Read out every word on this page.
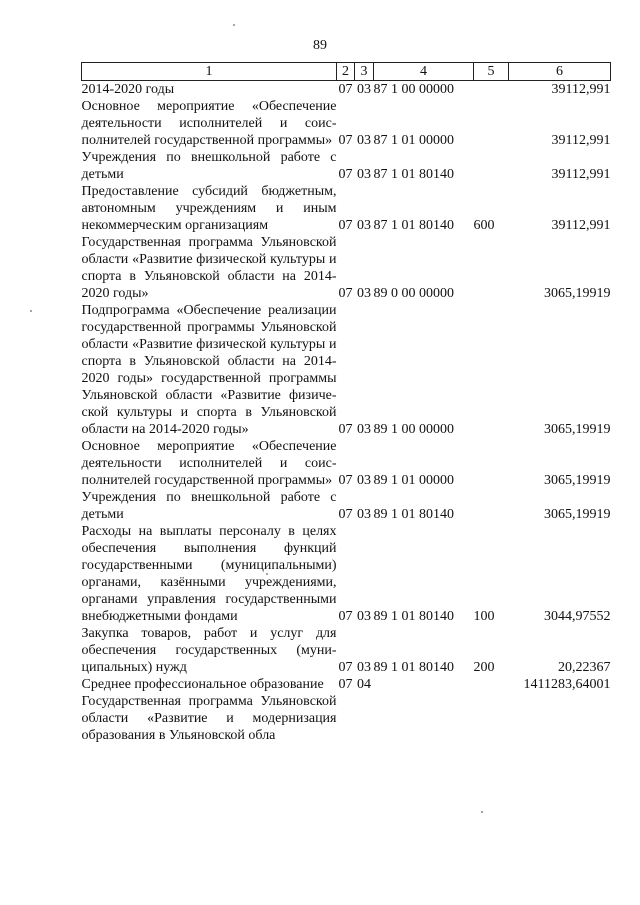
89
1	2	3	4	5	6
2014-2020 годы	07	03	87 1 00 00000		39112,991
Основное мероприятие «Обеспечение деятельности исполнителей и соисполнителей государственной программы»	07	03	87 1 01 00000		39112,991
Учреждения по внешкольной работе с детьми	07	03	87 1 01 80140		39112,991
Предоставление субсидий бюджетным, автономным учреждениям и иным некоммерческим организациям	07	03	87 1 01 80140	600	39112,991
Государственная программа Ульяновской области «Развитие физической культуры и спорта в Ульяновской области на 2014-2020 годы»	07	03	89 0 00 00000		3065,19919
Подпрограмма «Обеспечение реализации государственной программы Ульяновской области «Развитие физической культуры и спорта в Ульяновской области на 2014-2020 годы» государственной программы Ульяновской области «Развитие физической культуры и спорта в Ульяновской области на 2014-2020 годы»	07	03	89 1 00 00000		3065,19919
Основное мероприятие «Обеспечение деятельности исполнителей и соисполнителей государственной программы»	07	03	89 1 01 00000		3065,19919
Учреждения по внешкольной работе с детьми	07	03	89 1 01 80140		3065,19919
Расходы на выплаты персоналу в целях обеспечения выполнения функций государственными (муниципальными) органами, казёнными учреждениями, органами управления государственными внебюджетными фондами	07	03	89 1 01 80140	100	3044,97552
Закупка товаров, работ и услуг для обеспечения государственных (муниципальных) нужд	07	03	89 1 01 80140	200	20,22367
Среднее профессиональное образование	07	04			1411283,64001
Государственная программа Ульяновской области «Развитие и модернизация образования в Ульяновской обла					
